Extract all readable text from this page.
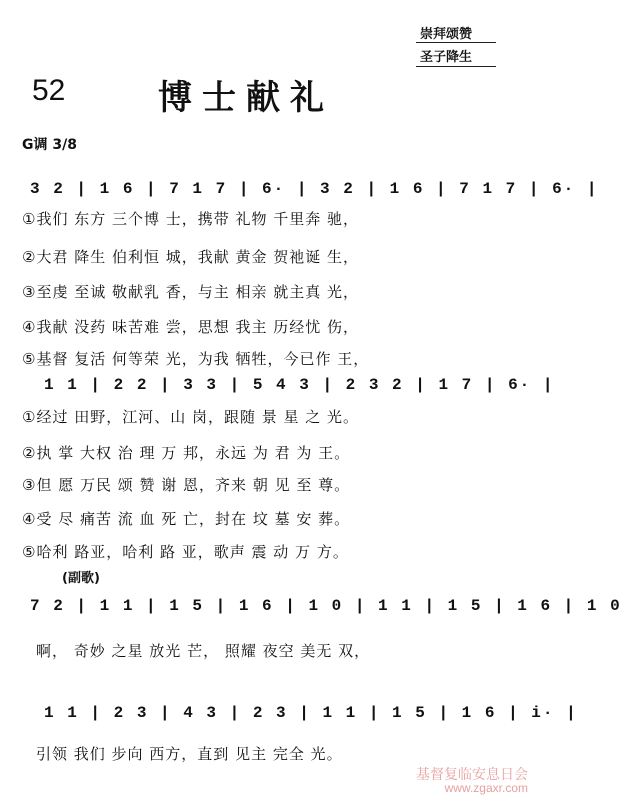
崇拜颂赞
圣子降生
52	博士献礼
G调 3/8
3 2 | 1 6 | 7 1 7 | 6· | 3 2 | 1 6 | 7 1 7 | 6· |
①我们 东方 三个博 士，携带 礼物 千里奔 驰，
②大君 降生 伯利恒 城，我献 黄金 贺祂诞 生，
③至虔 至诚 敬献乳 香，与主 相亲 就主真 光，
④我献 没药 味苦难 尝，思想 我主 历经忧 伤，
⑤基督 复活 何等荣 光，为我 牺牲，今已作 王，
1 1 | 2 2 | 3 3 | 5 4 3 | 2 3 2 | 1 7 | 6· |
①经过 田野，江河、山 岗，跟随 景 星 之 光。
②执 掌 大权 治 理 万 邦，永远 为 君 为 王。
③但 愿 万民 颂 赞 谢 恩，齐来 朝 见 至 尊。
④受 尽 痛苦 流 血 死 亡，封在 坟 墓 安 葬。
⑤哈利 路亚，哈利 路 亚，歌声 震 动 万 方。
(副歌)
7 2 | 1 1 | 1 5 | 1 6 | 1 0 | 1 1 | 1 5 | 1 6 | 1 0
啊， 奇妙 之星 放光 芒， 照耀 夜空 美无 双，
1 1 | 2 3 | 4 3 | 2 3 | 1 1 | 1 5 | 1 6 | i· |
引领 我们 步向 西方，直到 见主 完全 光。
基督复临安息日会
www.zgaxr.com
